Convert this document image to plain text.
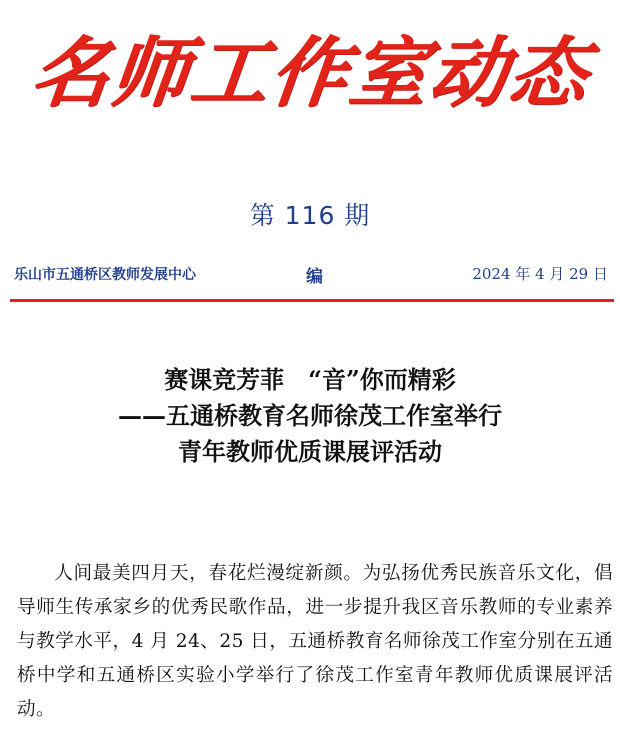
名师工作室动态
第 116 期
乐山市五通桥区教师发展中心	编	2024 年 4 月 29 日
赛课竞芳菲　“音”你而精彩
——五通桥教育名师徐茂工作室举行
青年教师优质课展评活动
人间最美四月天，春花烂漫绽新颜。为弘扬优秀民族音乐文化，倡导师生传承家乡的优秀民歌作品，进一步提升我区音乐教师的专业素养与教学水平，4 月 24、25 日，五通桥教育名师徐茂工作室分别在五通桥中学和五通桥区实验小学举行了徐茂工作室青年教师优质课展评活动。
